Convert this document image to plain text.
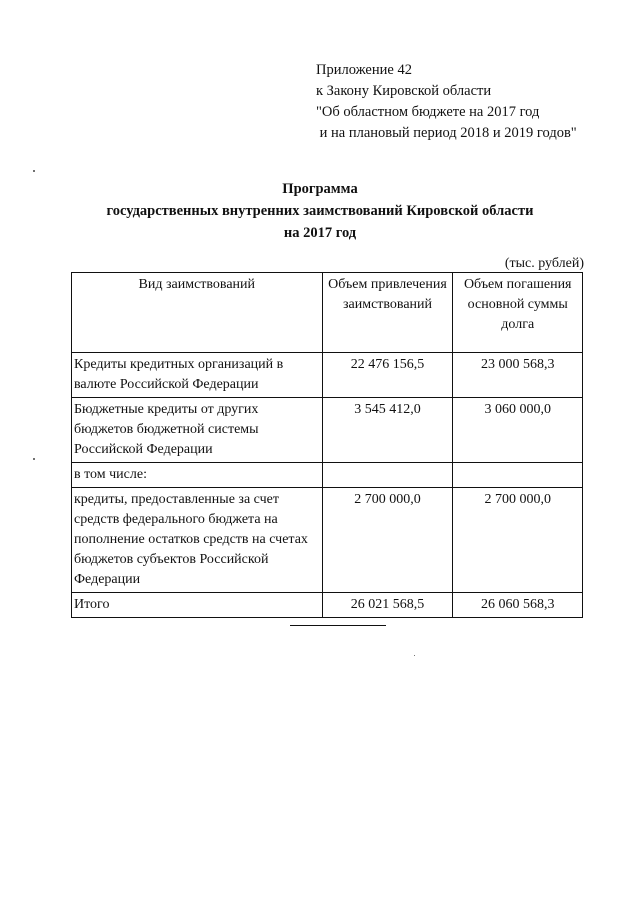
Приложение 42
к Закону Кировской области
"Об областном бюджете на 2017 год
и на плановый период 2018 и 2019 годов"
Программа
государственных внутренних заимствований Кировской области
на 2017 год
(тыс. рублей)
Вид заимствований	Объем привлечения заимствований	Объем погашения основной суммы долга
Кредиты кредитных организаций в валюте Российской Федерации	22 476 156,5	23 000 568,3
Бюджетные кредиты от других бюджетов бюджетной системы Российской Федерации	3 545 412,0	3 060 000,0
в том числе:		
кредиты, предоставленные за счет средств федерального бюджета на пополнение остатков средств на счетах бюджетов субъектов Российской Федерации	2 700 000,0	2 700 000,0
Итого	26 021 568,5	26 060 568,3
